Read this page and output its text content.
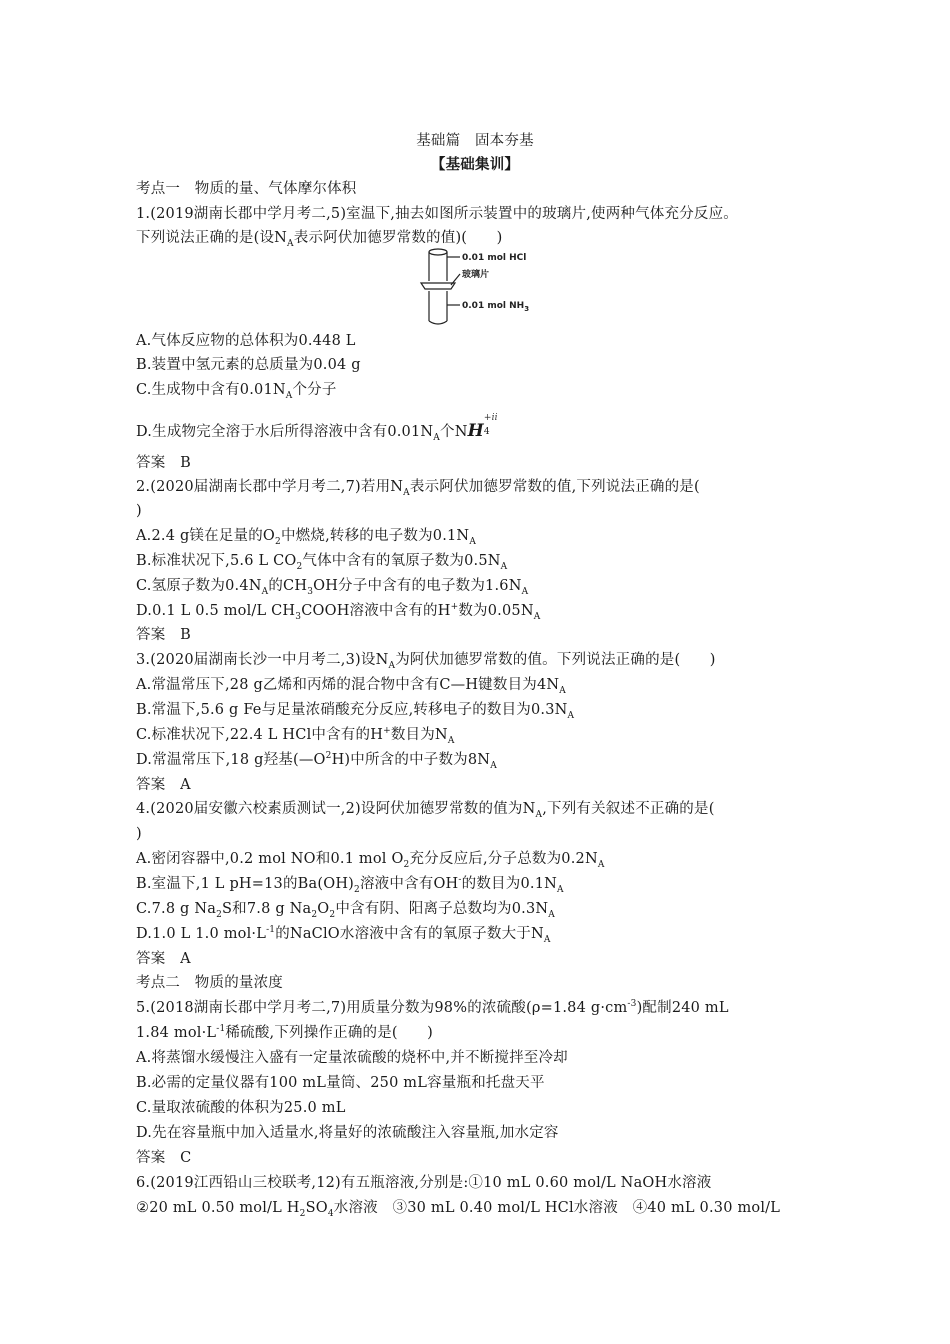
基础篇　固本夯基
【基础集训】
考点一　物质的量、气体摩尔体积
1.(2019湖南长郡中学月考二,5)室温下,抽去如图所示装置中的玻璃片,使两种气体充分反应。
下列说法正确的是(设$N_A$表示阿伏加德罗常数的值)(　　)
0.01 mol HCl
玻璃片
0.01 mol $NH_3$
A.气体反应物的总体积为0.448 L
B.装置中氢元素的总质量为0.04 g
C.生成物中含有$0.01N_A$个分子
D.生成物完全溶于水后所得溶液中含有$0.01N_A$个NH
+ii
4
答案　B
2.(2020届湖南长郡中学月考二,7)若用$N_A$表示阿伏加德罗常数的值,下列说法正确的是(
)
A.2.4 g镁在足量的$O_2$中燃烧,转移的电子数为$0.1N_A$
B.标准状况下,5.6 L $CO_2$气体中含有的氧原子数为$0.5N_A$
C.氢原子数为$0.4N_A$的$CH_3OH$分子中含有的电子数为$1.6N_A$
D.0.1 L 0.5 mol/L $CH_3COOH$溶液中含有的H+数为$0.05N_A$
答案　B
3.(2020届湖南长沙一中月考二,3)设$N_A$为阿伏加德罗常数的值。下列说法正确的是(　　)
A.常温常压下,28 g乙烯和丙烯的混合物中含有C—H键数目为$4N_A$
B.常温下,5.6 g Fe与足量浓硝酸充分反应,转移电子的数目为$0.3N_A$
C.标准状况下,22.4 L HCl中含有的H+数目为$N_A$
D.常温常压下,18 g羟基$(—O^2H)$中所含的中子数为$8N_A$
答案　A
4.(2020届安徽六校素质测试一,2)设阿伏加德罗常数的值为$N_A$,下列有关叙述不正确的是(
)
A.密闭容器中,0.2 mol NO和0.1 mol $O_2$充分反应后,分子总数为$0.2N_A$
B.室温下,1 L pH=13的$Ba(OH)_2$溶液中含有OH-的数目为$0.1N_A$
C.7.8 g $Na_2S$和7.8 g $Na_2O_2$中含有阴、阳离子总数均为$0.3N_A$
D.1.0 L 1.0 $mol\cdot L^{-1}$的NaClO水溶液中含有的氧原子数大于$N_A$
答案　A
考点二　物质的量浓度
5.(2018湖南长郡中学月考二,7)用质量分数为98%的浓硫酸(ρ=1.84 $g\cdot cm^{-3}$)配制240 mL
1.84 $mol\cdot L^{-1}$稀硫酸,下列操作正确的是(　　)
A.将蒸馏水缓慢注入盛有一定量浓硫酸的烧杯中,并不断搅拌至冷却
B.必需的定量仪器有100 mL量筒、250 mL容量瓶和托盘天平
C.量取浓硫酸的体积为25.0 mL
D.先在容量瓶中加入适量水,将量好的浓硫酸注入容量瓶,加水定容
答案　C
6.(2019江西铅山三校联考,12)有五瓶溶液,分别是:①10 mL 0.60 mol/L NaOH水溶液
②20 mL 0.50 mol/L $H_2SO_4$水溶液　③30 mL 0.40 mol/L HCl水溶液　④40 mL 0.30 mol/L
